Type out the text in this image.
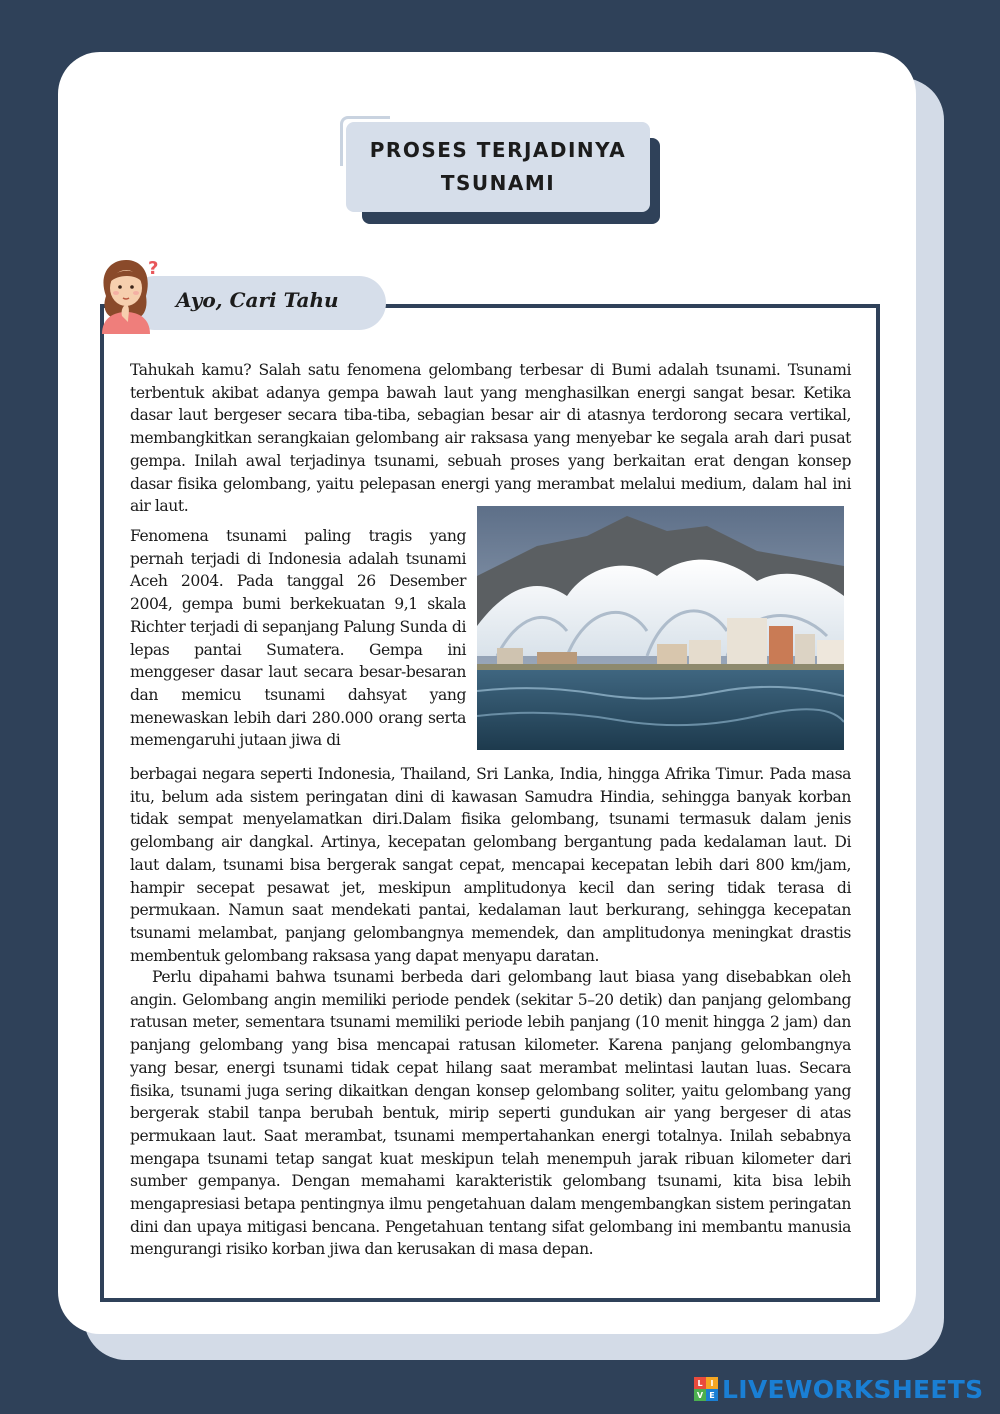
PROSES TERJADINYA TSUNAMI
Ayo, Cari Tahu
?
Tahukah kamu? Salah satu fenomena gelombang terbesar di Bumi adalah tsunami. Tsunami terbentuk akibat adanya gempa bawah laut yang menghasilkan energi sangat besar. Ketika dasar laut bergeser secara tiba-tiba, sebagian besar air di atasnya terdorong secara vertikal, membangkitkan serangkaian gelombang air raksasa yang menyebar ke segala arah dari pusat gempa. Inilah awal terjadinya tsunami, sebuah proses yang berkaitan erat dengan konsep dasar fisika gelombang, yaitu pelepasan energi yang merambat melalui medium, dalam hal ini air laut.
Fenomena tsunami paling tragis yang pernah terjadi di Indonesia adalah tsunami Aceh 2004. Pada tanggal 26 Desember 2004, gempa bumi berkekuatan 9,1 skala Richter terjadi di sepanjang Palung Sunda di lepas pantai Sumatera. Gempa ini menggeser dasar laut secara besar-besaran dan memicu tsunami dahsyat yang menewaskan lebih dari 280.000 orang serta memengaruhi jutaan jiwa di
berbagai negara seperti Indonesia, Thailand, Sri Lanka, India, hingga Afrika Timur. Pada masa itu, belum ada sistem peringatan dini di kawasan Samudra Hindia, sehingga banyak korban tidak sempat menyelamatkan diri.Dalam fisika gelombang, tsunami termasuk dalam jenis gelombang air dangkal. Artinya, kecepatan gelombang bergantung pada kedalaman laut. Di laut dalam, tsunami bisa bergerak sangat cepat, mencapai kecepatan lebih dari 800 km/jam, hampir secepat pesawat jet, meskipun amplitudonya kecil dan sering tidak terasa di permukaan. Namun saat mendekati pantai, kedalaman laut berkurang, sehingga kecepatan tsunami melambat, panjang gelombangnya memendek, dan amplitudonya meningkat drastis membentuk gelombang raksasa yang dapat menyapu daratan.
Perlu dipahami bahwa tsunami berbeda dari gelombang laut biasa yang disebabkan oleh angin. Gelombang angin memiliki periode pendek (sekitar 5–20 detik) dan panjang gelombang ratusan meter, sementara tsunami memiliki periode lebih panjang (10 menit hingga 2 jam) dan panjang gelombang yang bisa mencapai ratusan kilometer. Karena panjang gelombangnya yang besar, energi tsunami tidak cepat hilang saat merambat melintasi lautan luas. Secara fisika, tsunami juga sering dikaitkan dengan konsep gelombang soliter, yaitu gelombang yang bergerak stabil tanpa berubah bentuk, mirip seperti gundukan air yang bergeser di atas permukaan laut. Saat merambat, tsunami mempertahankan energi totalnya. Inilah sebabnya mengapa tsunami tetap sangat kuat meskipun telah menempuh jarak ribuan kilometer dari sumber gempanya. Dengan memahami karakteristik gelombang tsunami, kita bisa lebih mengapresiasi betapa pentingnya ilmu pengetahuan dalam mengembangkan sistem peringatan dini dan upaya mitigasi bencana. Pengetahuan tentang sifat gelombang ini membantu manusia mengurangi risiko korban jiwa dan kerusakan di masa depan.
L I
V E LIVEWORKSHEETS
